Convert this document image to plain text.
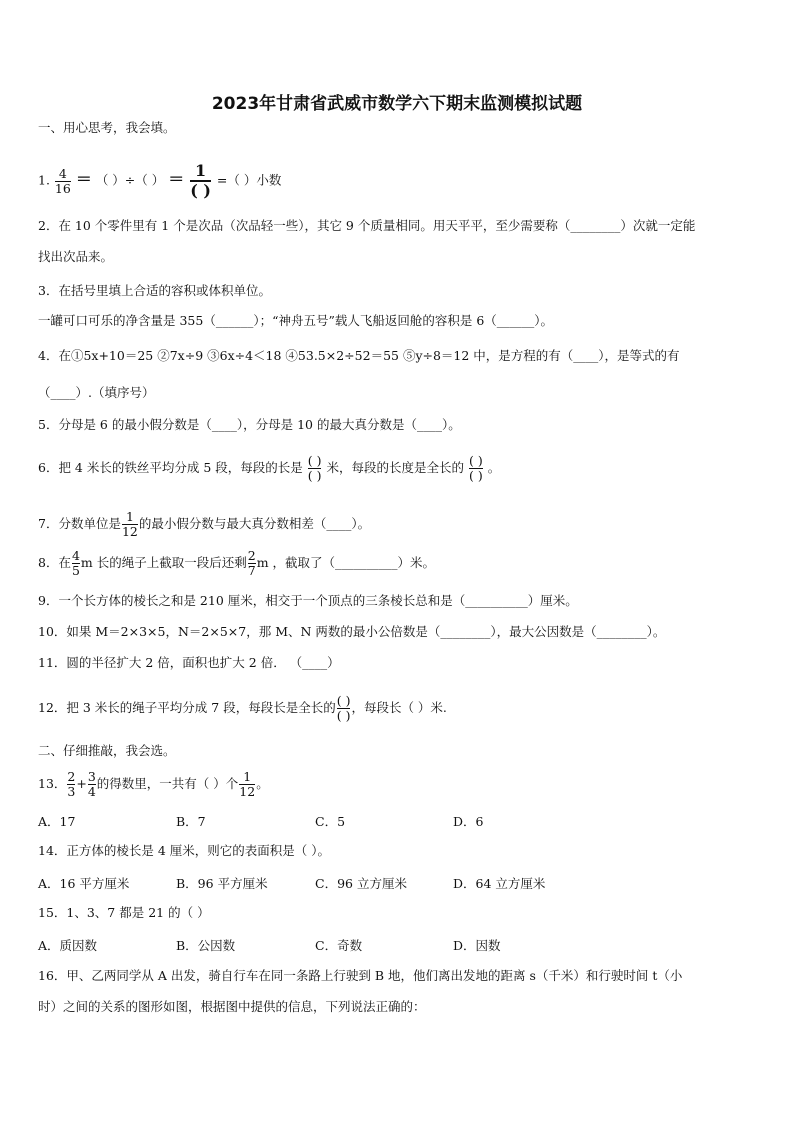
2023年甘肃省武威市数学六下期末监测模拟试题
一、用心思考，我会填。
1. $\frac{4}{16}$ ＝ （ ）÷（ ） ＝ 1
( )
=（ ）小数
2．在 10 个零件里有 1 个是次品（次品轻一些），其它 9 个质量相同。用天平平，至少需要称（________）次就一定能
找出次品来。
3．在括号里填上合适的容积或体积单位。
一罐可口可乐的净含量是 355（______）；“神舟五号”载人飞船返回舱的容积是 6（______）。
4．在①5x+10＝25 ②7x÷9 ③6x÷4＜18 ④53.5×2÷52＝55 ⑤y÷8＝12 中，是方程的有（____），是等式的有
（____）.（填序号）
5．分母是 6 的最小假分数是（____），分母是 10 的最大真分数是（____）。
6．把 4 米长的铁丝平均分成 5 段，每段的长是 $\frac{( )}{( )}$ 米，每段的长度是全长的 $\frac{( )}{( )}$ 。
7．分数单位是 $\frac{1}{12}$ 的最小假分数与最大真分数相差（____）。
8．在 $\frac{4}{5}$ m 长的绳子上截取一段后还剩 $\frac{2}{7}$ m ，截取了（__________）米。
9．一个长方体的棱长之和是 210 厘米，相交于一个顶点的三条棱长总和是（__________）厘米。
10．如果 M＝2×3×5，N＝2×5×7，那 M、N 两数的最小公倍数是（________），最大公因数是（________）。
11．圆的半径扩大 2 倍，面积也扩大 2 倍． （____）
12．把 3 米长的绳子平均分成 7 段，每段长是全长的 $\frac{( )}{( )}$ ，每段长（ ）米.
二、仔细推敲，我会选。
13． $\frac{2}{3} + \frac{3}{4}$ 的得数里，一共有（ ）个 $\frac{1}{12}$ 。
A．17	B．7	C．5	D．6
14．正方体的棱长是 4 厘米，则它的表面积是（ ）。
A．16 平方厘米	B．96 平方厘米	C．96 立方厘米	D．64 立方厘米
15．1、3、7 都是 21 的（ ）
A．质因数	B．公因数	C．奇数	D．因数
16．甲、乙两同学从 A 出发，骑自行车在同一条路上行驶到 B 地，他们离出发地的距离 s（千米）和行驶时间 t（小
时）之间的关系的图形如图，根据图中提供的信息，下列说法正确的：
